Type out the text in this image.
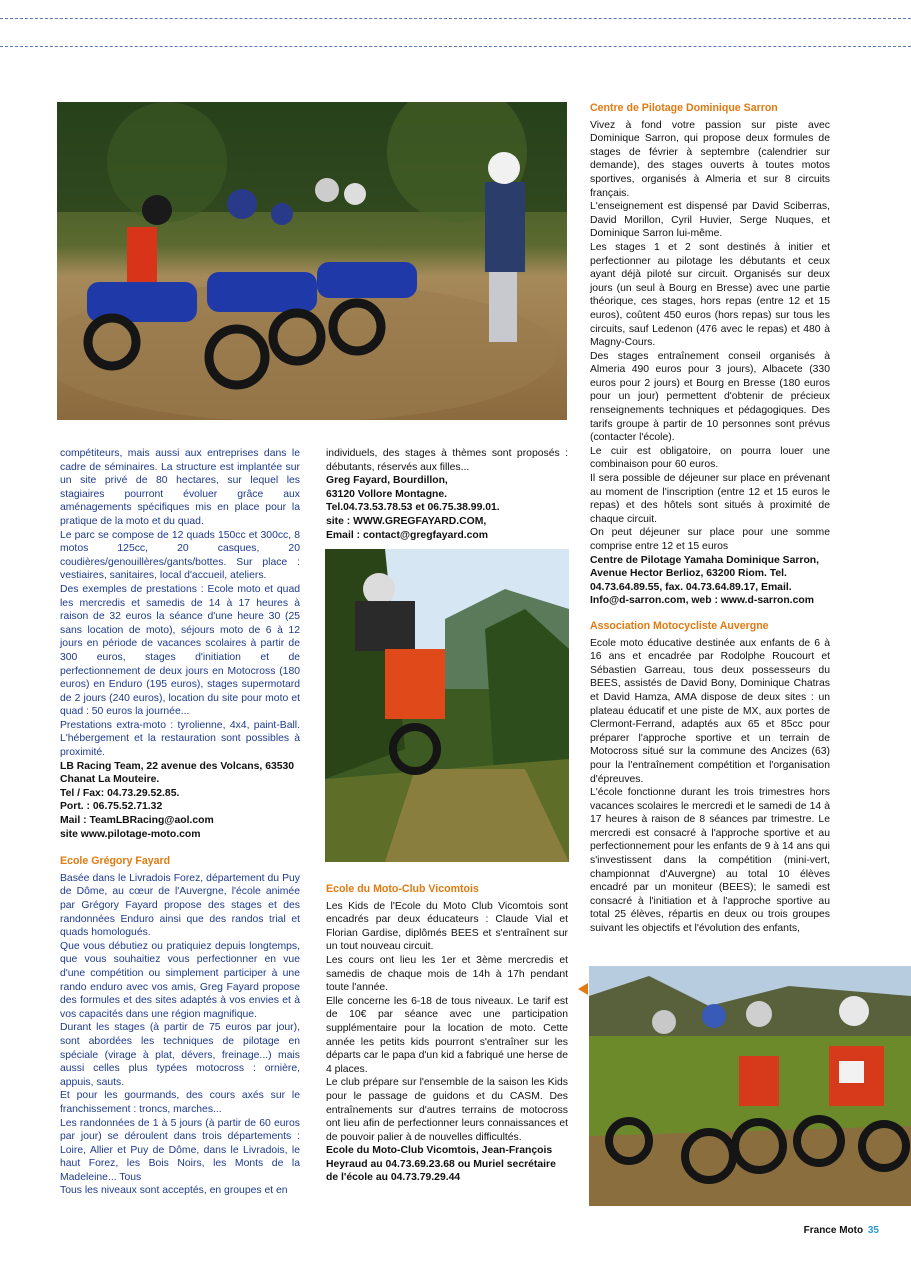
compétiteurs, mais aussi aux entreprises dans le cadre de séminaires. La structure est implantée sur un site privé de 80 hectares, sur lequel les stagiaires pourront évoluer grâce aux aménagements spécifiques mis en place pour la pratique de la moto et du quad.

Le parc se compose de 12 quads 150cc et 300cc, 8 motos 125cc, 20 casques, 20 coudières/genouillères/gants/bottes. Sur place : vestiaires, sanitaires, local d'accueil, ateliers.

Des exemples de prestations : Ecole moto et quad les mercredis et samedis de 14 à 17 heures à raison de 32 euros la séance d'une heure 30 (25 sans location de moto), séjours moto de 6 à 12 jours en période de vacances scolaires à partir de 300 euros, stages d'initiation et de perfectionnement de deux jours en Motocross (180 euros) en Enduro (195 euros), stages supermotard de 2 jours (240 euros), location du site pour moto et quad : 50 euros la journée...

Prestations extra-moto : tyrolienne, 4x4, paint-Ball. L'hébergement et la restauration sont possibles à proximité.

LB Racing Team, 22 avenue des Volcans, 63530 Chanat La Mouteire.

Tel / Fax: 04.73.29.52.85.

Port. : 06.75.52.71.32

Mail : TeamLBRacing@aol.com

site www.pilotage-moto.com

Ecole Grégory Fayard

Basée dans le Livradois Forez, département du Puy de Dôme, au cœur de l'Auvergne, l'école animée par Grégory Fayard propose des stages et des randonnées Enduro ainsi que des randos trial et quads homologués.

Que vous débutiez ou pratiquiez depuis longtemps, que vous souhaitiez vous perfectionner en vue d'une compétition ou simplement participer à une rando enduro avec vos amis, Greg Fayard propose des formules et des sites adaptés à vos envies et à vos capacités dans une région magnifique.

Durant les stages (à partir de 75 euros par jour), sont abordées les techniques de pilotage en spéciale (virage à plat, dévers, freinage...) mais aussi celles plus typées motocross : ornière, appuis, sauts.

Et pour les gourmands, des cours axés sur le franchissement : troncs, marches...

Les randonnées de 1 à 5 jours (à partir de 60 euros par jour) se déroulent dans trois départements : Loire, Allier et Puy de Dôme, dans le Livradois, le haut Forez, les Bois Noirs, les Monts de la Madeleine... Tous

Tous les niveaux sont acceptés, en groupes et en

individuels, des stages à thèmes sont proposés : débutants, réservés aux filles...

Greg Fayard, Bourdillon,

63120 Vollore Montagne.

Tel.04.73.53.78.53 et 06.75.38.99.01.

site : WWW.GREGFAYARD.COM,

Email : contact@gregfayard.com

Ecole du Moto-Club Vicomtois

Les Kids de l'Ecole du Moto Club Vicomtois sont encadrés par deux éducateurs : Claude Vial et Florian Gardise, diplômés BEES et s'entraînent sur un tout nouveau circuit.

Les cours ont lieu les 1er et 3ème mercredis et samedis de chaque mois de 14h à 17h pendant toute l'année.

Elle concerne les 6-18 de tous niveaux. Le tarif est de 10€ par séance avec une participation supplémentaire pour la location de moto. Cette année les petits kids pourront s'entraîner sur les départs car le papa d'un kid a fabriqué une herse de 4 places.

Le club prépare sur l'ensemble de la saison les Kids pour le passage de guidons et du CASM. Des entraînements sur d'autres terrains de motocross ont lieu afin de perfectionner leurs connaissances et de pouvoir palier à de nouvelles difficultés.

Ecole du Moto-Club Vicomtois, Jean-François Heyraud au 04.73.69.23.68 ou Muriel secrétaire de l'école au 04.73.79.29.44

Centre de Pilotage Dominique Sarron

Vivez à fond votre passion sur piste avec Dominique Sarron, qui propose deux formules de stages de février à septembre (calendrier sur demande), des stages ouverts à toutes motos sportives, organisés à Almeria et sur 8 circuits français.

L'enseignement est dispensé par David Sciberras, David Morillon, Cyril Huvier, Serge Nuques, et Dominique Sarron lui-même.

Les stages 1 et 2 sont destinés à initier et perfectionner au pilotage les débutants et ceux ayant déjà piloté sur circuit. Organisés sur deux jours (un seul à Bourg en Bresse) avec une partie théorique, ces stages, hors repas (entre 12 et 15 euros), coûtent 450 euros (hors repas) sur tous les circuits, sauf Ledenon (476 avec le repas) et 480 à Magny-Cours.

Des stages entraînement conseil organisés à Almeria 490 euros pour 3 jours), Albacete (330 euros pour 2 jours) et Bourg en Bresse (180 euros pour un jour) permettent d'obtenir de précieux renseignements techniques et pédagogiques. Des tarifs groupe à partir de 10 personnes sont prévus (contacter l'école).

Le cuir est obligatoire, on pourra louer une combinaison pour 60 euros.

Il sera possible de déjeuner sur place en prévenant au moment de l'inscription (entre 12 et 15 euros le repas) et des hôtels sont situés à proximité de chaque circuit.

On peut déjeuner sur place pour une somme comprise entre 12 et 15 euros

Centre de Pilotage Yamaha Dominique Sarron, Avenue Hector Berlioz, 63200 Riom. Tel. 04.73.64.89.55, fax. 04.73.64.89.17, Email. Info@d-sarron.com, web : www.d-sarron.com

Association Motocycliste Auvergne

Ecole moto éducative destinée aux enfants de 6 à 16 ans et encadrée par Rodolphe Roucourt et Sébastien Garreau, tous deux possesseurs du BEES, assistés de David Bony, Dominique Chatras et David Hamza, AMA dispose de deux sites : un plateau éducatif et une piste de MX, aux portes de Clermont-Ferrand, adaptés aux 65 et 85cc pour préparer l'approche sportive et un terrain de Motocross situé sur la commune des Ancizes (63) pour la l'entraînement compétition et l'organisation d'épreuves.

L'école fonctionne durant les trois trimestres hors vacances scolaires le mercredi et le samedi de 14 à 17 heures à raison de 8 séances par trimestre. Le mercredi est consacré à l'approche sportive et au perfectionnement pour les enfants de 9 à 14 ans qui s'investissent dans la compétition (mini-vert, championnat d'Auvergne) au total 10 élèves encadré par un moniteur (BEES); le samedi est consacré à l'initiation et à l'approche sportive au total 25 élèves, répartis en deux ou trois groupes suivant les objectifs et l'évolution des enfants,

France Moto 35
